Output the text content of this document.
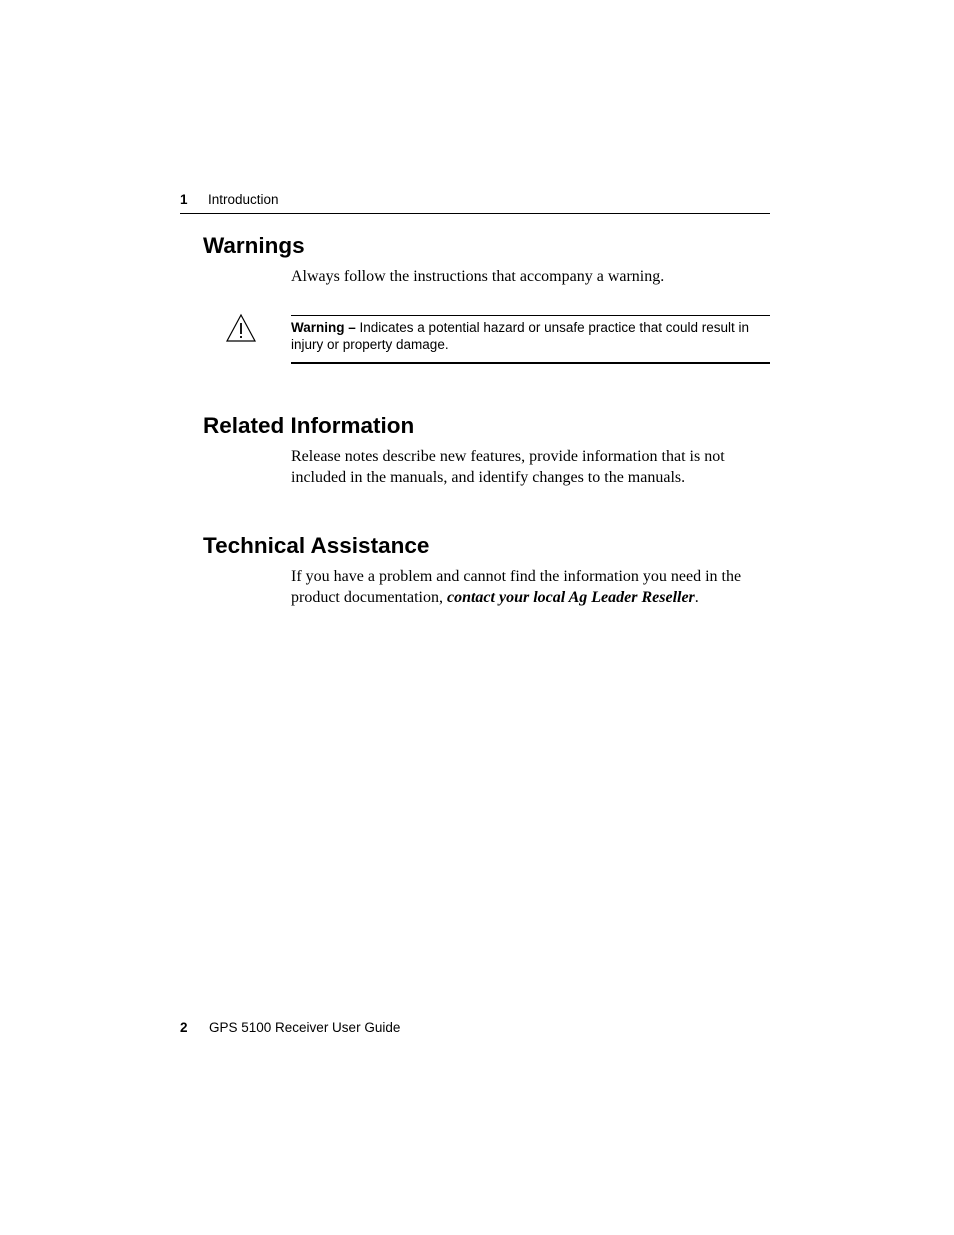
1 Introduction
Warnings

Always follow the instructions that accompany a warning.

Warning – Indicates a potential hazard or unsafe practice that could result in injury or property damage.
Related Information

Release notes describe new features, provide information that is not included in the manuals, and identify changes to the manuals.

Technical Assistance

If you have a problem and cannot find the information you need in the product documentation, contact your local Ag Leader Reseller.

2 GPS 5100 Receiver User Guide
